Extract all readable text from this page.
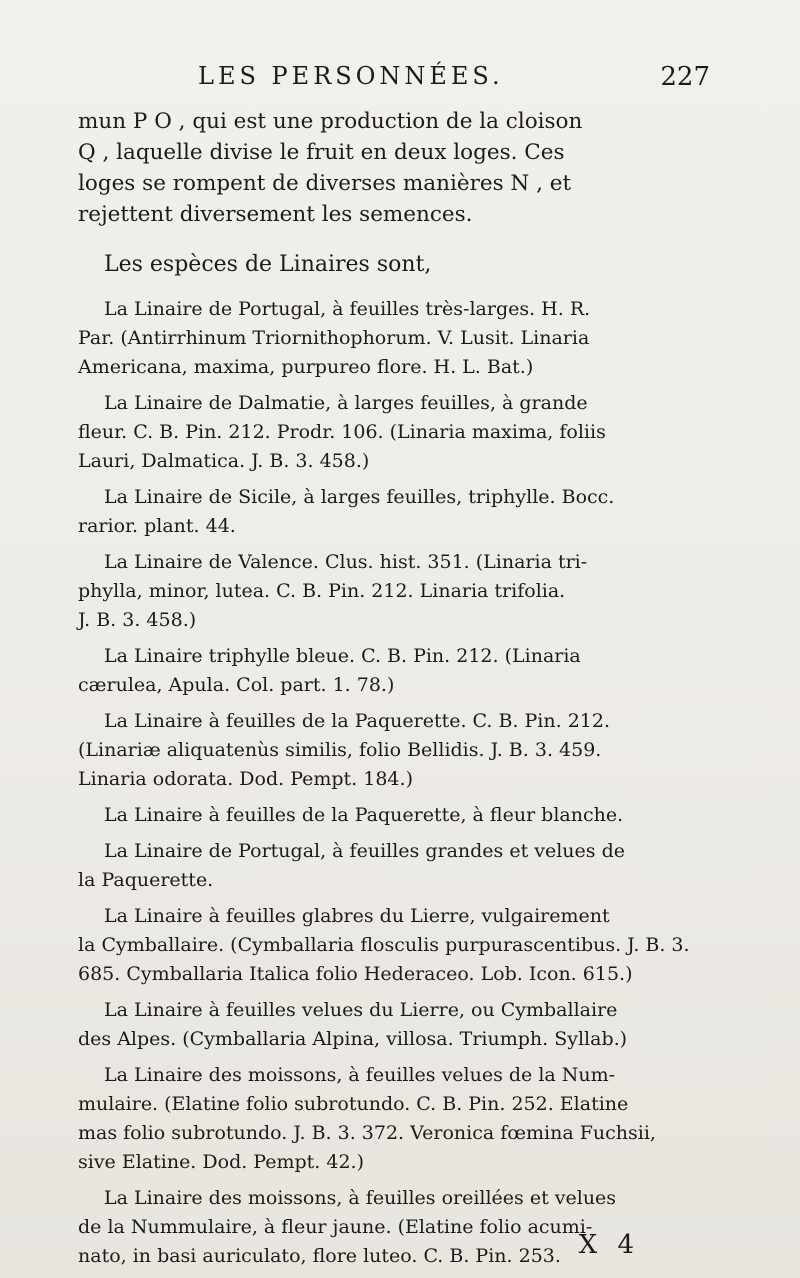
LES PERSONNÉES.	227
mun P O , qui est une production de la cloison
Q , laquelle divise le fruit en deux loges. Ces
loges se rompent de diverses manières N , et
rejettent diversement les semences.
Les espèces de Linaires sont,
La Linaire de Portugal, à feuilles très-larges. H. R.
Par. (Antirrhinum Triornithophorum. V. Lusit. Linaria
Americana, maxima, purpureo flore. H. L. Bat.)
La Linaire de Dalmatie, à larges feuilles, à grande
fleur. C. B. Pin. 212. Prodr. 106. (Linaria maxima, foliis
Lauri, Dalmatica. J. B. 3. 458.)
La Linaire de Sicile, à larges feuilles, triphylle. Bocc.
rarior. plant. 44.
La Linaire de Valence. Clus. hist. 351. (Linaria tri-
phylla, minor, lutea. C. B. Pin. 212. Linaria trifolia.
J. B. 3. 458.)
La Linaire triphylle bleue. C. B. Pin. 212. (Linaria
cærulea, Apula. Col. part. 1. 78.)
La Linaire à feuilles de la Paquerette. C. B. Pin. 212.
(Linariæ aliquatenùs similis, folio Bellidis. J. B. 3. 459.
Linaria odorata. Dod. Pempt. 184.)
La Linaire à feuilles de la Paquerette, à fleur blanche.
La Linaire de Portugal, à feuilles grandes et velues de
la Paquerette.
La Linaire à feuilles glabres du Lierre, vulgairement
la Cymballaire. (Cymballaria flosculis purpurascentibus. J. B. 3.
685. Cymballaria Italica folio Hederaceo. Lob. Icon. 615.)
La Linaire à feuilles velues du Lierre, ou Cymballaire
des Alpes. (Cymballaria Alpina, villosa. Triumph. Syllab.)
La Linaire des moissons, à feuilles velues de la Num-
mulaire. (Elatine folio subrotundo. C. B. Pin. 252. Elatine
mas folio subrotundo. J. B. 3. 372. Veronica fœmina Fuchsii,
sive Elatine. Dod. Pempt. 42.)
La Linaire des moissons, à feuilles oreillées et velues
de la Nummulaire, à fleur jaune. (Elatine folio acumi-
nato, in basi auriculato, flore luteo. C. B. Pin. 253. X 4
